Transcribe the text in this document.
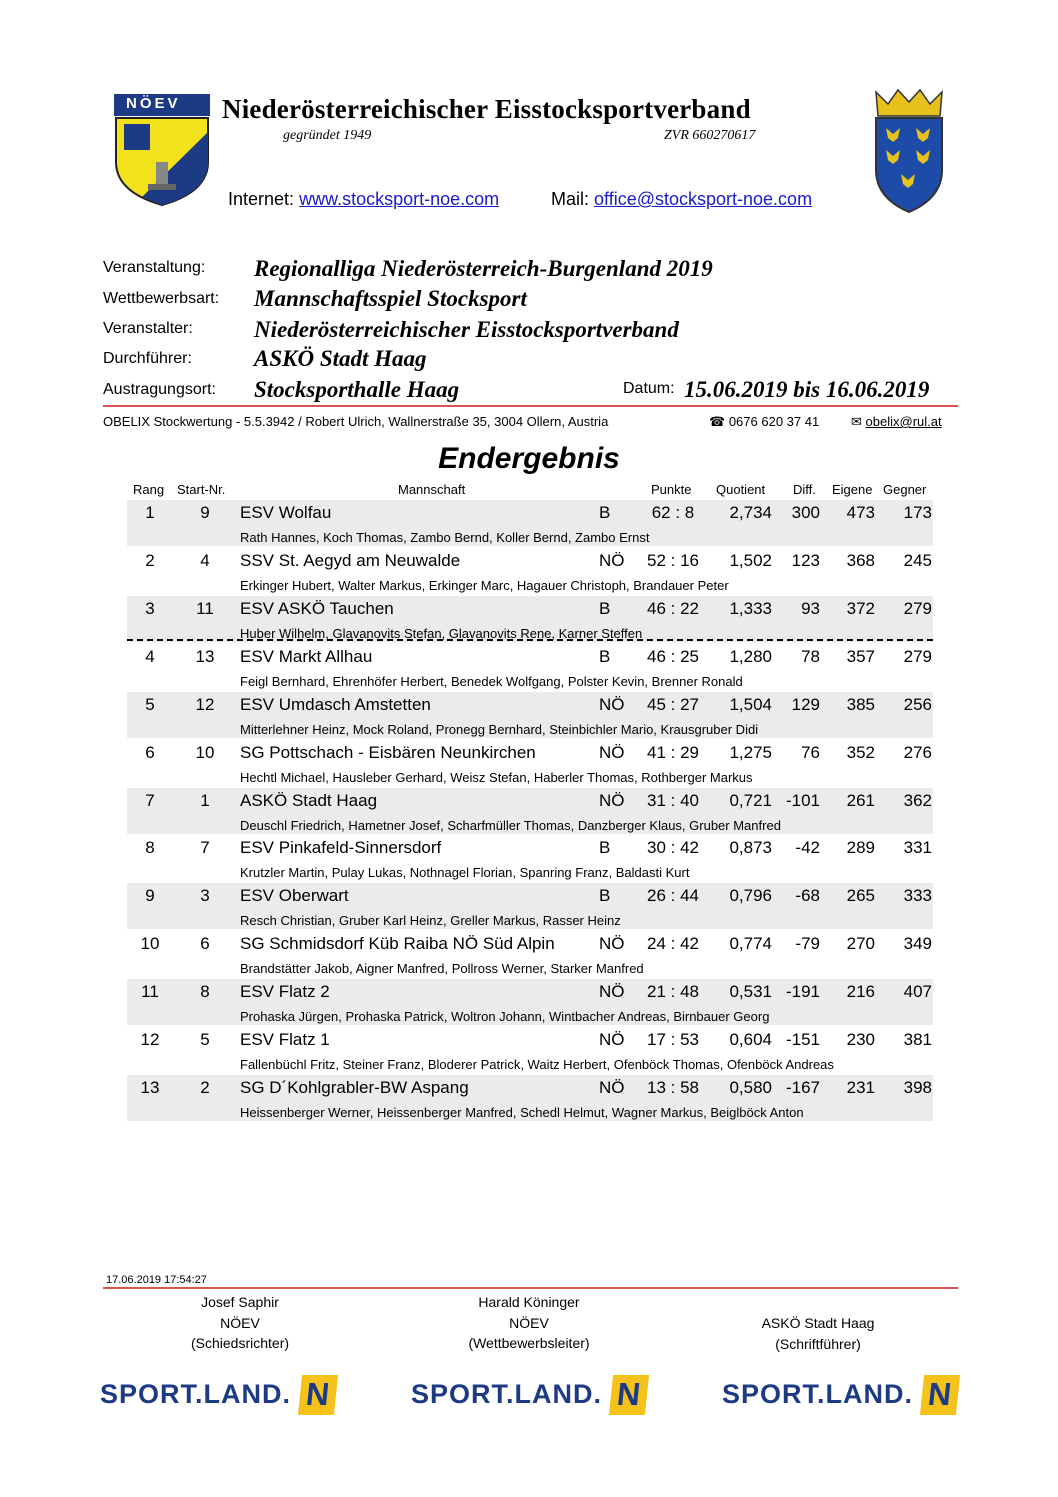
NÖEV Niederösterreichischer Eisstocksportverband
gegründet 1949	ZVR 660270617
Internet: www.stocksport-noe.com	Mail: office@stocksport-noe.com
Veranstaltung: Regionalliga Niederösterreich-Burgenland 2019
Wettbewerbsart: Mannschaftsspiel Stocksport
Veranstalter:	Niederösterreichischer Eisstocksportverband
Durchführer:	ASKÖ Stadt Haag
Austragungsort: Stocksporthalle Haag	Datum: 15.06.2019 bis 16.06.2019
OBELIX Stockwertung - 5.5.3942 / Robert Ulrich, Wallnerstraße 35, 3004 Ollern, Austria	☎ 0676 620 37 41 ✉ obelix@rul.at
Endergebnis
Rang Start-Nr.	Mannschaft	Punkte Quotient Diff. Eigene Gegner
1	9	ESV Wolfau	B 62 : 8	2,734	300	473	173
Rath Hannes, Koch Thomas, Zambo Bernd, Koller Bernd, Zambo Ernst
2	4	SSV St. Aegyd am Neuwalde	NÖ 52 : 16	1,502	123	368	245
Erkinger Hubert, Walter Markus, Erkinger Marc, Hagauer Christoph, Brandauer Peter
3	11	ESV ASKÖ Tauchen	B 46 : 22	1,333	93	372	279
Huber Wilhelm, Glavanovits Stefan, Glavanovits Rene, Karner Steffen
4	13	ESV Markt Allhau	B 46 : 25	1,280	78	357	279
Feigl Bernhard, Ehrenhöfer Herbert, Benedek Wolfgang, Polster Kevin, Brenner Ronald
5	12	ESV Umdasch Amstetten	NÖ 45 : 27	1,504	129	385	256
Mitterlehner Heinz, Mock Roland, Pronegg Bernhard, Steinbichler Mario, Krausgruber Didi
6	10	SG Pottschach - Eisbären Neunkirchen	NÖ 41 : 29	1,275	76	352	276
Hechtl Michael, Hausleber Gerhard, Weisz Stefan, Haberler Thomas, Rothberger Markus
7	1	ASKÖ Stadt Haag	NÖ 31 : 40	0,721 -101	261	362
Deuschl Friedrich, Hametner Josef, Scharfmüller Thomas, Danzberger Klaus, Gruber Manfred
8	7	ESV Pinkafeld-Sinnersdorf	B 30 : 42	0,873	-42	289	331
Krutzler Martin, Pulay Lukas, Nothnagel Florian, Spanring Franz, Baldasti Kurt
9	3	ESV Oberwart	B 26 : 44	0,796	-68	265	333
Resch Christian, Gruber Karl Heinz, Greller Markus, Rasser Heinz
10	6	SG Schmidsdorf Küb Raiba NÖ Süd Alpin	NÖ 24 : 42	0,774	-79	270	349
Brandstätter Jakob, Aigner Manfred, Pollross Werner, Starker Manfred
11	8	ESV Flatz 2	NÖ 21 : 48	0,531 -191	216	407
Prohaska Jürgen, Prohaska Patrick, Woltron Johann, Wintbacher Andreas, Birnbauer Georg
12	5	ESV Flatz 1	NÖ 17 : 53	0,604 -151	230	381
Fallenbüchl Fritz, Steiner Franz, Bloderer Patrick, Waitz Herbert, Ofenböck Thomas, Ofenböck Andreas
13	2	SG D´Kohlgrabler-BW Aspang	NÖ 13 : 58	0,580 -167	231	398
Heissenberger Werner, Heissenberger Manfred, Schedl Helmut, Wagner Markus, Beiglböck Anton
17.06.2019 17:54:27
Josef Saphir
NÖEV
(Schiedsrichter)
Harald Köninger
NÖEV
(Wettbewerbsleiter)
ASKÖ Stadt Haag
(Schriftführer)
SPORT.LAND. N	SPORT.LAND. N	SPORT.LAND. N
